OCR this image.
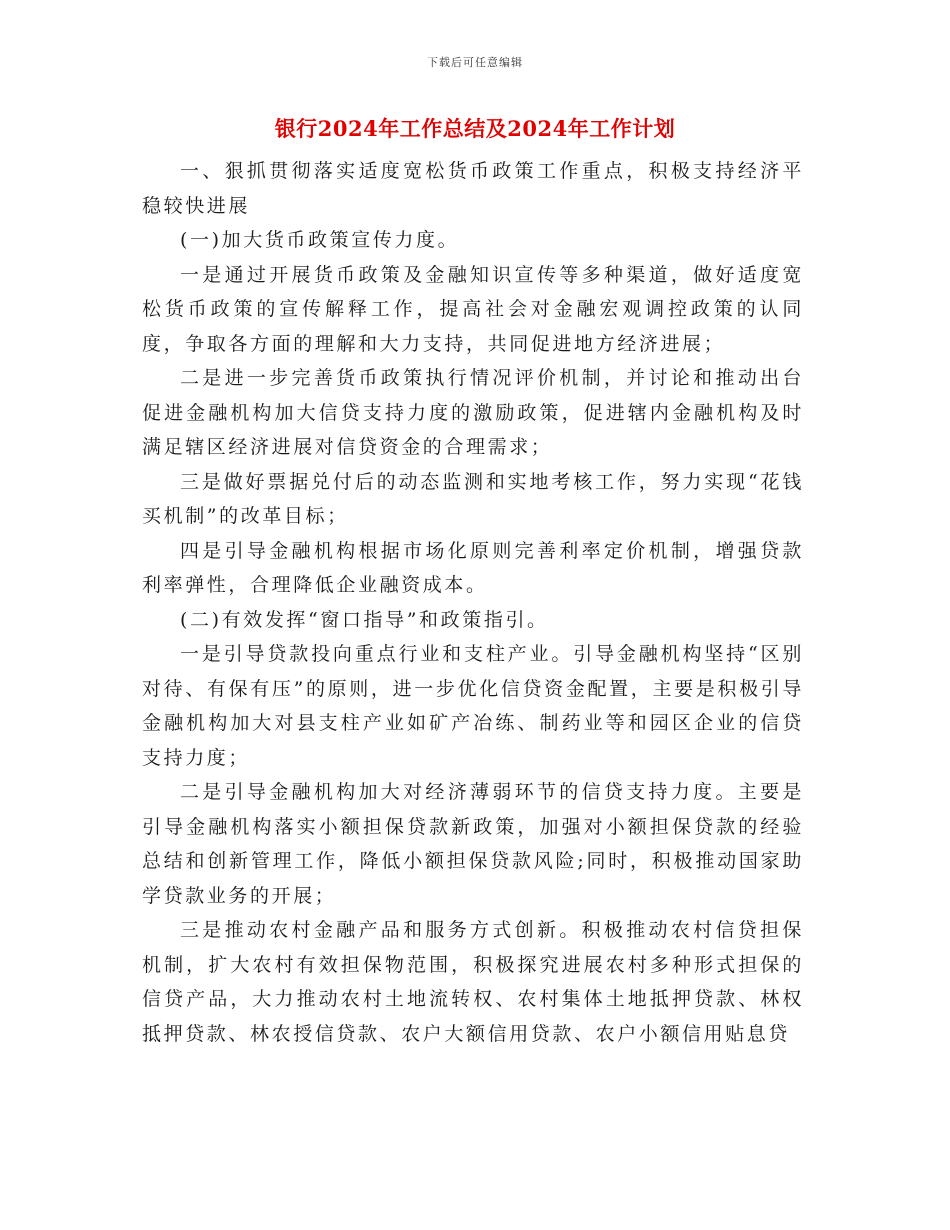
下载后可任意编辑
银行2024年工作总结及2024年工作计划

一、狠抓贯彻落实适度宽松货币政策工作重点，积极支持经济平稳较快进展

(一)加大货币政策宣传力度。

一是通过开展货币政策及金融知识宣传等多种渠道，做好适度宽松货币政策的宣传解释工作，提高社会对金融宏观调控政策的认同度，争取各方面的理解和大力支持，共同促进地方经济进展；

二是进一步完善货币政策执行情况评价机制，并讨论和推动出台促进金融机构加大信贷支持力度的激励政策，促进辖内金融机构及时满足辖区经济进展对信贷资金的合理需求；

三是做好票据兑付后的动态监测和实地考核工作，努力实现“花钱买机制”的改革目标；

四是引导金融机构根据市场化原则完善利率定价机制，增强贷款利率弹性，合理降低企业融资成本。

(二)有效发挥“窗口指导”和政策指引。

一是引导贷款投向重点行业和支柱产业。引导金融机构坚持“区别对待、有保有压”的原则，进一步优化信贷资金配置，主要是积极引导金融机构加大对县支柱产业如矿产冶练、制药业等和园区企业的信贷支持力度；

二是引导金融机构加大对经济薄弱环节的信贷支持力度。主要是引导金融机构落实小额担保贷款新政策，加强对小额担保贷款的经验总结和创新管理工作，降低小额担保贷款风险;同时，积极推动国家助学贷款业务的开展；

三是推动农村金融产品和服务方式创新。积极推动农村信贷担保机制，扩大农村有效担保物范围，积极探究进展农村多种形式担保的信贷产品，大力推动农村土地流转权、农村集体土地抵押贷款、林权抵押贷款、林农授信贷款、农户大额信用贷款、农户小额信用贴息贷
